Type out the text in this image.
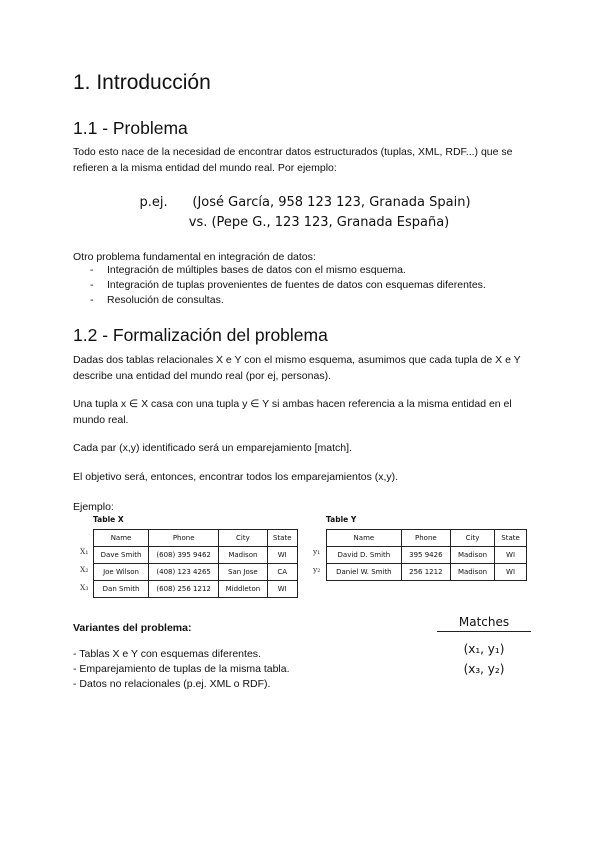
1. Introducción
1.1 - Problema

Todo esto nace de la necesidad de encontrar datos estructurados (tuplas, XML, RDF...) que se refieren a la misma entidad del mundo real. Por ejemplo:

p.ej.      (José García, 958 123 123, Granada Spain)
vs. (Pepe G., 123 123, Granada España)

Otro problema fundamental en integración de datos:

- Integración de múltiples bases de datos con el mismo esquema.
- Integración de tuplas provenientes de fuentes de datos con esquemas diferentes.
- Resolución de consultas.
1.2 - Formalización del problema

Dadas dos tablas relacionales X e Y con el mismo esquema, asumimos que cada tupla de X e Y describe una entidad del mundo real (por ej, personas).

Una tupla x ∈ X casa con una tupla y ∈ Y si ambas hacen referencia a la misma entidad en el mundo real.

Cada par (x,y) identificado será un emparejamiento [match].

El objetivo será, entonces, encontrar todos los emparejamientos (x,y).

Ejemplo:
Table X
X₁
X₂
X₃
Name	Phone	City	State
Dave Smith	(608) 395 9462	Madison	WI
Joe Wilson	(408) 123 4265	San Jose	CA
Dan Smith	(608) 256 1212	Middleton	WI
Table Y
y₁
y₂
Name	Phone	City	State
David D. Smith	395 9426	Madison	WI
Daniel W. Smith	256 1212	Madison	WI
Variantes del problema:
- Tablas X e Y con esquemas diferentes.
- Emparejamiento de tuplas de la misma tabla.
- Datos no relacionales (p.ej. XML o RDF).
Matches
(x₁, y₁)
(x₃, y₂)
